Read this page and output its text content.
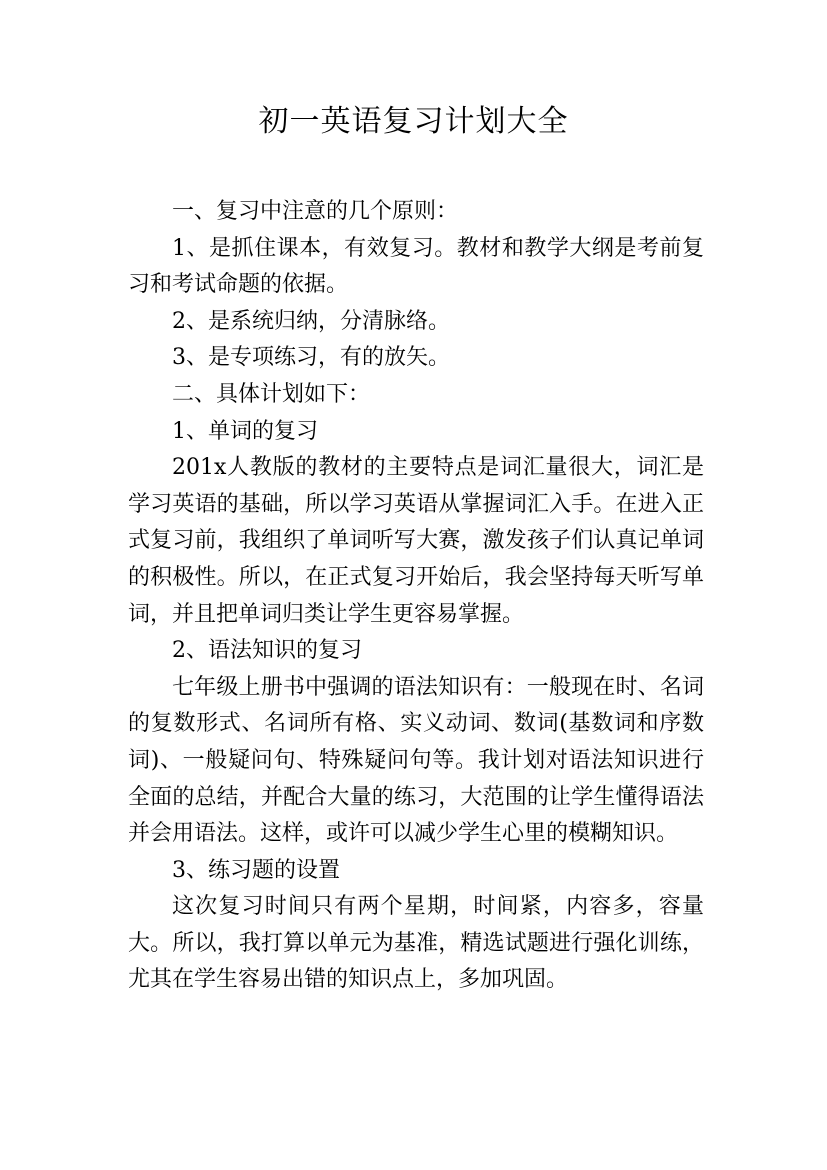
初一英语复习计划大全

一、复习中注意的几个原则：

1、是抓住课本，有效复习。教材和教学大纲是考前复习和考试命题的依据。

2、是系统归纳，分清脉络。

3、是专项练习，有的放矢。

二、具体计划如下：

1、单词的复习

201x人教版的教材的主要特点是词汇量很大，词汇是学习英语的基础，所以学习英语从掌握词汇入手。在进入正式复习前，我组织了单词听写大赛，激发孩子们认真记单词的积极性。所以，在正式复习开始后，我会坚持每天听写单词，并且把单词归类让学生更容易掌握。

2、语法知识的复习

七年级上册书中强调的语法知识有：一般现在时、名词的复数形式、名词所有格、实义动词、数词(基数词和序数词)、一般疑问句、特殊疑问句等。我计划对语法知识进行全面的总结，并配合大量的练习，大范围的让学生懂得语法并会用语法。这样，或许可以减少学生心里的模糊知识。

3、练习题的设置

这次复习时间只有两个星期，时间紧，内容多，容量大。所以，我打算以单元为基准，精选试题进行强化训练，尤其在学生容易出错的知识点上，多加巩固。
